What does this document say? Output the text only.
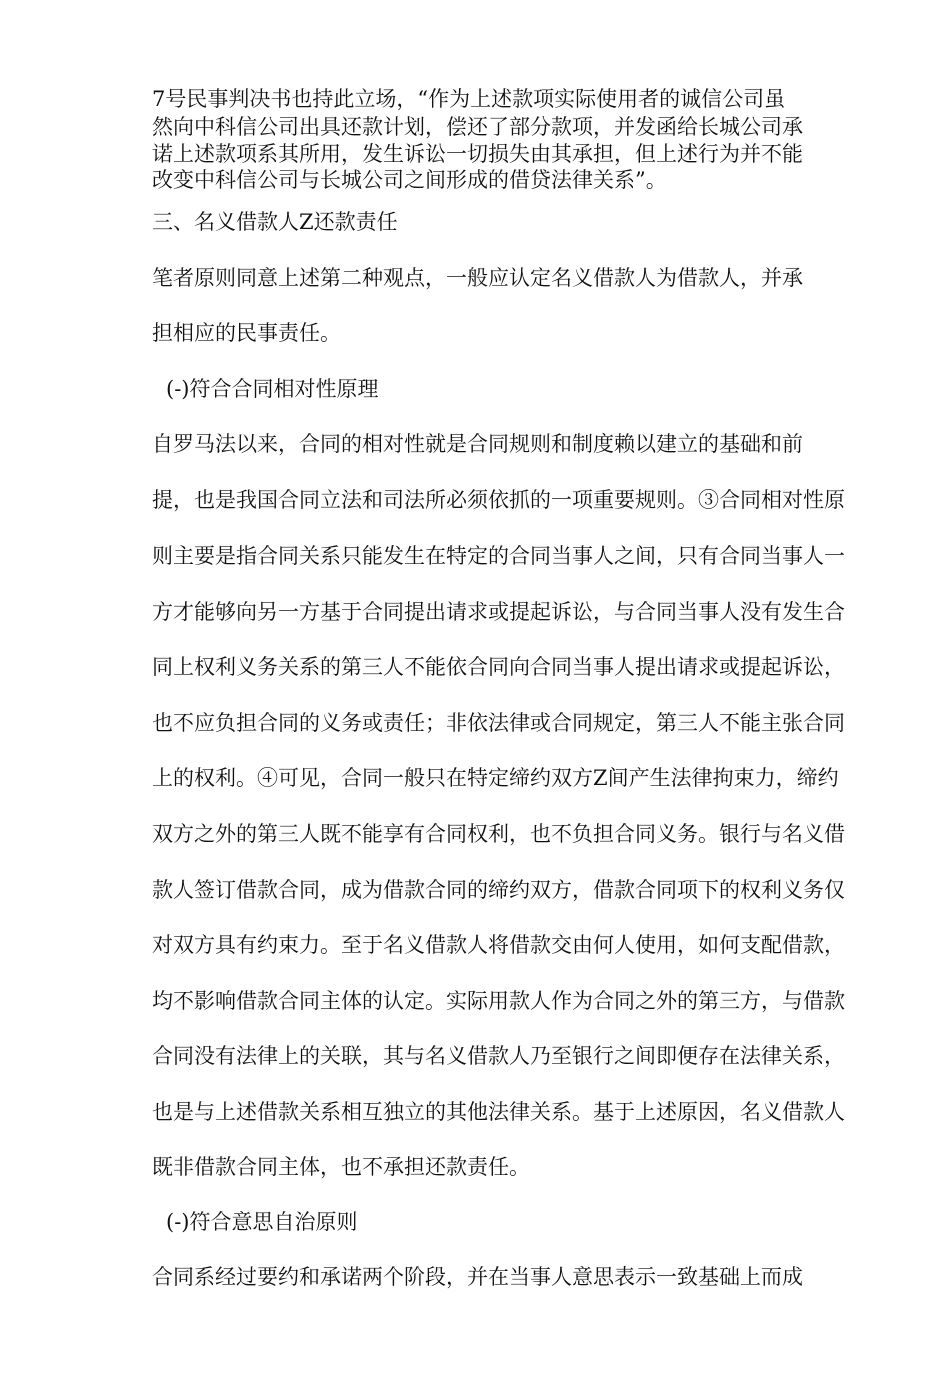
7号民事判决书也持此立场，“作为上述款项实际使用者的诚信公司虽
然向中科信公司出具还款计划，偿还了部分款项，并发函给长城公司承
诺上述款项系其所用，发生诉讼一切损失由其承担，但上述行为并不能
改变中科信公司与长城公司之间形成的借贷法律关系”。
三、名义借款人Z还款责任
笔者原则同意上述第二种观点，一般应认定名义借款人为借款人，并承
担相应的民事责任。
(-)符合合同相对性原理
自罗马法以来，合同的相对性就是合同规则和制度赖以建立的基础和前
提，也是我国合同立法和司法所必须依抓的一项重要规则。③合同相对性原
则主要是指合同关系只能发生在特定的合同当事人之间，只有合同当事人一
方才能够向另一方基于合同提出请求或提起诉讼，与合同当事人没有发生合
同上权利义务关系的第三人不能依合同向合同当事人提出请求或提起诉讼，
也不应负担合同的义务或责任；非依法律或合同规定，第三人不能主张合同
上的权利。④可见，合同一般只在特定缔约双方Z间产生法律拘束力，缔约
双方之外的第三人既不能享有合同权利，也不负担合同义务。银行与名义借
款人签订借款合同，成为借款合同的缔约双方，借款合同项下的权利义务仅
对双方具有约束力。至于名义借款人将借款交由何人使用，如何支配借款，
均不影响借款合同主体的认定。实际用款人作为合同之外的第三方，与借款
合同没有法律上的关联，其与名义借款人乃至银行之间即便存在法律关系，
也是与上述借款关系相互独立的其他法律关系。基于上述原因，名义借款人
既非借款合同主体，也不承担还款责任。
(-)符合意思自治原则
合同系经过要约和承诺两个阶段，并在当事人意思表示一致基础上而成
